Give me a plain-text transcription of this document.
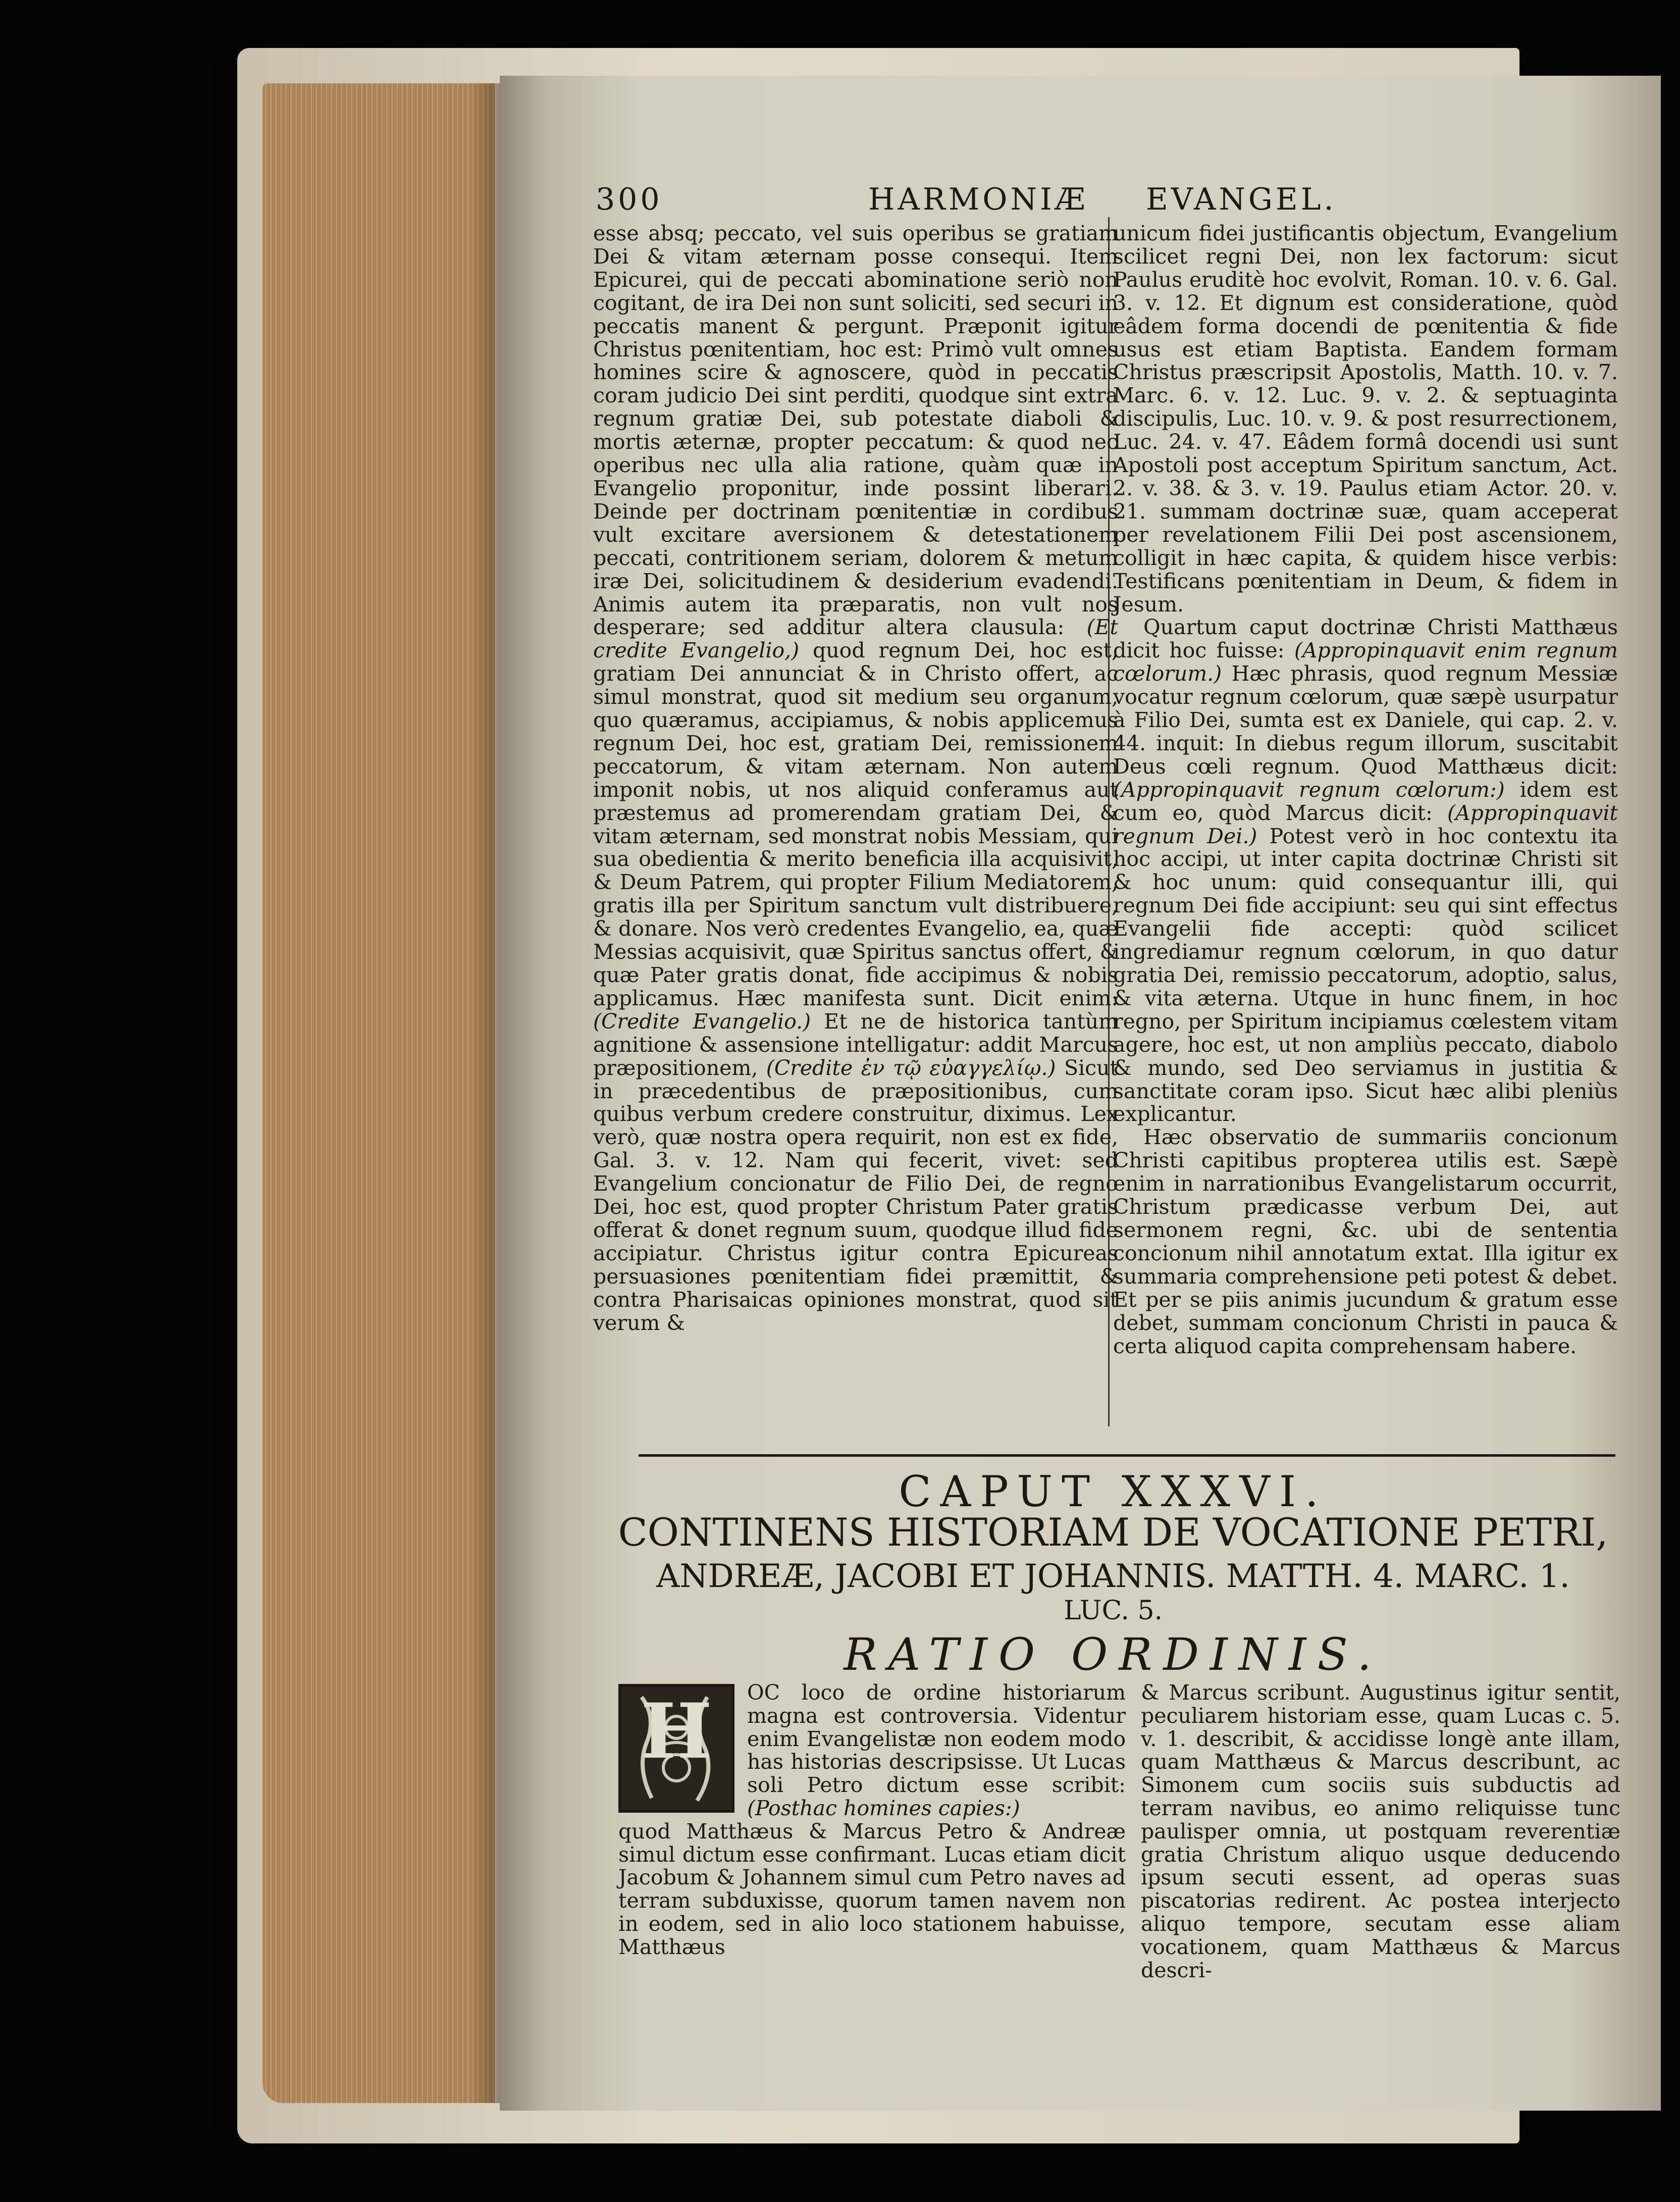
300	HARMONIÆ EVANGEL.

esse absq; peccato, vel suis operibus se gratiam Dei & vitam æternam posse consequi. Item Epicurei, qui de peccati abominatione seriò non cogitant, de ira Dei non sunt soliciti, sed securi in peccatis manent & pergunt. Præponit igitur Christus pœnitentiam, hoc est: Primò vult omnes homines scire & agnoscere, quòd in peccatis coram judicio Dei sint perditi, quodque sint extra regnum gratiæ Dei, sub potestate diaboli & mortis æternæ, propter peccatum: & quod nec operibus nec ulla alia ratione, quàm quæ in Evangelio proponitur, inde possint liberari. Deinde per doctrinam pœnitentiæ in cordibus vult excitare aversionem & detestationem peccati, contritionem seriam, dolorem & metum iræ Dei, solicitudinem & desiderium evadendi. Animis autem ita præparatis, non vult nos desperare; sed additur altera clausula: (Et credite Evangelio,) quod regnum Dei, hoc est, gratiam Dei annunciat & in Christo offert, ac simul monstrat, quod sit medium seu organum, quo quæramus, accipiamus, & nobis applicemus regnum Dei, hoc est, gratiam Dei, remissionem peccatorum, & vitam æternam. Non autem imponit nobis, ut nos aliquid conferamus aut præstemus ad promerendam gratiam Dei, & vitam æternam, sed monstrat nobis Messiam, qui sua obedientia & merito beneficia illa acquisivit, & Deum Patrem, qui propter Filium Mediatorem, gratis illa per Spiritum sanctum vult distribuere, & donare. Nos verò credentes Evangelio, ea, quæ Messias acquisivit, quæ Spiritus sanctus offert, & quæ Pater gratis donat, fide accipimus & nobis applicamus. Hæc manifesta sunt. Dicit enim: (Credite Evangelio.) Et ne de historica tantùm agnitione & assensione intelligatur: addit Marcus præpositionem, (Credite ἐν τῷ εὐαγγελίῳ.) Sicut in præcedentibus de præpositionibus, cum quibus verbum credere construitur, diximus. Lex verò, quæ nostra opera requirit, non est ex fide, Gal. 3. v. 12. Nam qui fecerit, vivet: sed Evangelium concionatur de Filio Dei, de regno Dei, hoc est, quod propter Christum Pater gratis offerat & donet regnum suum, quodque illud fide accipiatur. Christus igitur contra Epicureas persuasiones pœnitentiam fidei præmittit, & contra Pharisaicas opiniones monstrat, quod sit verum &

unicum fidei justificantis objectum, Evangelium scilicet regni Dei, non lex factorum: sicut Paulus eruditè hoc evolvit, Roman. 10. v. 6. Gal. 3. v. 12. Et dignum est consideratione, quòd eâdem forma docendi de pœnitentia & fide usus est etiam Baptista. Eandem formam Christus præscripsit Apostolis, Matth. 10. v. 7. Marc. 6. v. 12. Luc. 9. v. 2. & septuaginta discipulis, Luc. 10. v. 9. & post resurrectionem, Luc. 24. v. 47. Eâdem formâ docendi usi sunt Apostoli post acceptum Spiritum sanctum, Act. 2. v. 38. & 3. v. 19. Paulus etiam Actor. 20. v. 21. summam doctrinæ suæ, quam acceperat per revelationem Filii Dei post ascensionem, colligit in hæc capita, & quidem hisce verbis: Testificans pœnitentiam in Deum, & fidem in Jesum.

Quartum caput doctrinæ Christi Matthæus dicit hoc fuisse: (Appropinquavit enim regnum cœlorum.) Hæc phrasis, quod regnum Messiæ vocatur regnum cœlorum, quæ sæpè usurpatur à Filio Dei, sumta est ex Daniele, qui cap. 2. v. 44. inquit: In diebus regum illorum, suscitabit Deus cœli regnum. Quod Matthæus dicit: (Appropinquavit regnum cœlorum:) idem est cum eo, quòd Marcus dicit: (Appropinquavit regnum Dei.) Potest verò in hoc contextu ita hoc accipi, ut inter capita doctrinæ Christi sit & hoc unum: quid consequantur illi, qui regnum Dei fide accipiunt: seu qui sint effectus Evangelii fide accepti: quòd scilicet ingrediamur regnum cœlorum, in quo datur gratia Dei, remissio peccatorum, adoptio, salus, & vita æterna. Utque in hunc finem, in hoc regno, per Spiritum incipiamus cœlestem vitam agere, hoc est, ut non ampliùs peccato, diabolo & mundo, sed Deo serviamus in justitia & sanctitate coram ipso. Sicut hæc alibi pleniùs explicantur.

Hæc observatio de summariis concionum Christi capitibus propterea utilis est. Sæpè enim in narrationibus Evangelistarum occurrit, Christum prædicasse verbum Dei, aut sermonem regni, &c. ubi de sententia concionum nihil annotatum extat. Illa igitur ex summaria comprehensione peti potest & debet. Et per se piis animis jucundum & gratum esse debet, summam concionum Christi in pauca & certa aliquod capita comprehensam habere.

CAPUT XXXVI.
CONTINENS HISTORIAM DE VOCATIONE PETRI,
ANDREÆ, JACOBI ET JOHANNIS. MATTH. 4. MARC. 1.
LUC. 5.
RATIO ORDINIS.
H OC loco de ordine historiarum magna est controversia. Videntur enim Evangelistæ non eodem modo has historias descripsisse. Ut Lucas soli Petro dictum esse scribit: (Posthac homines capies:)
quod Matthæus & Marcus Petro & Andreæ simul dictum esse confirmant. Lucas etiam dicit Jacobum & Johannem simul cum Petro naves ad terram subduxisse, quorum tamen navem non in eodem, sed in alio loco stationem habuisse, Matthæus
& Marcus scribunt. Augustinus igitur sentit, peculiarem historiam esse, quam Lucas c. 5. v. 1. describit, & accidisse longè ante illam, quam Matthæus & Marcus describunt, ac Simonem cum sociis suis subductis ad terram navibus, eo animo reliquisse tunc paulisper omnia, ut postquam reverentiæ gratia Christum aliquo usque deducendo ipsum secuti essent, ad operas suas piscatorias redirent. Ac postea interjecto aliquo tempore, secutam esse aliam vocationem, quam Matthæus & Marcus descri-
